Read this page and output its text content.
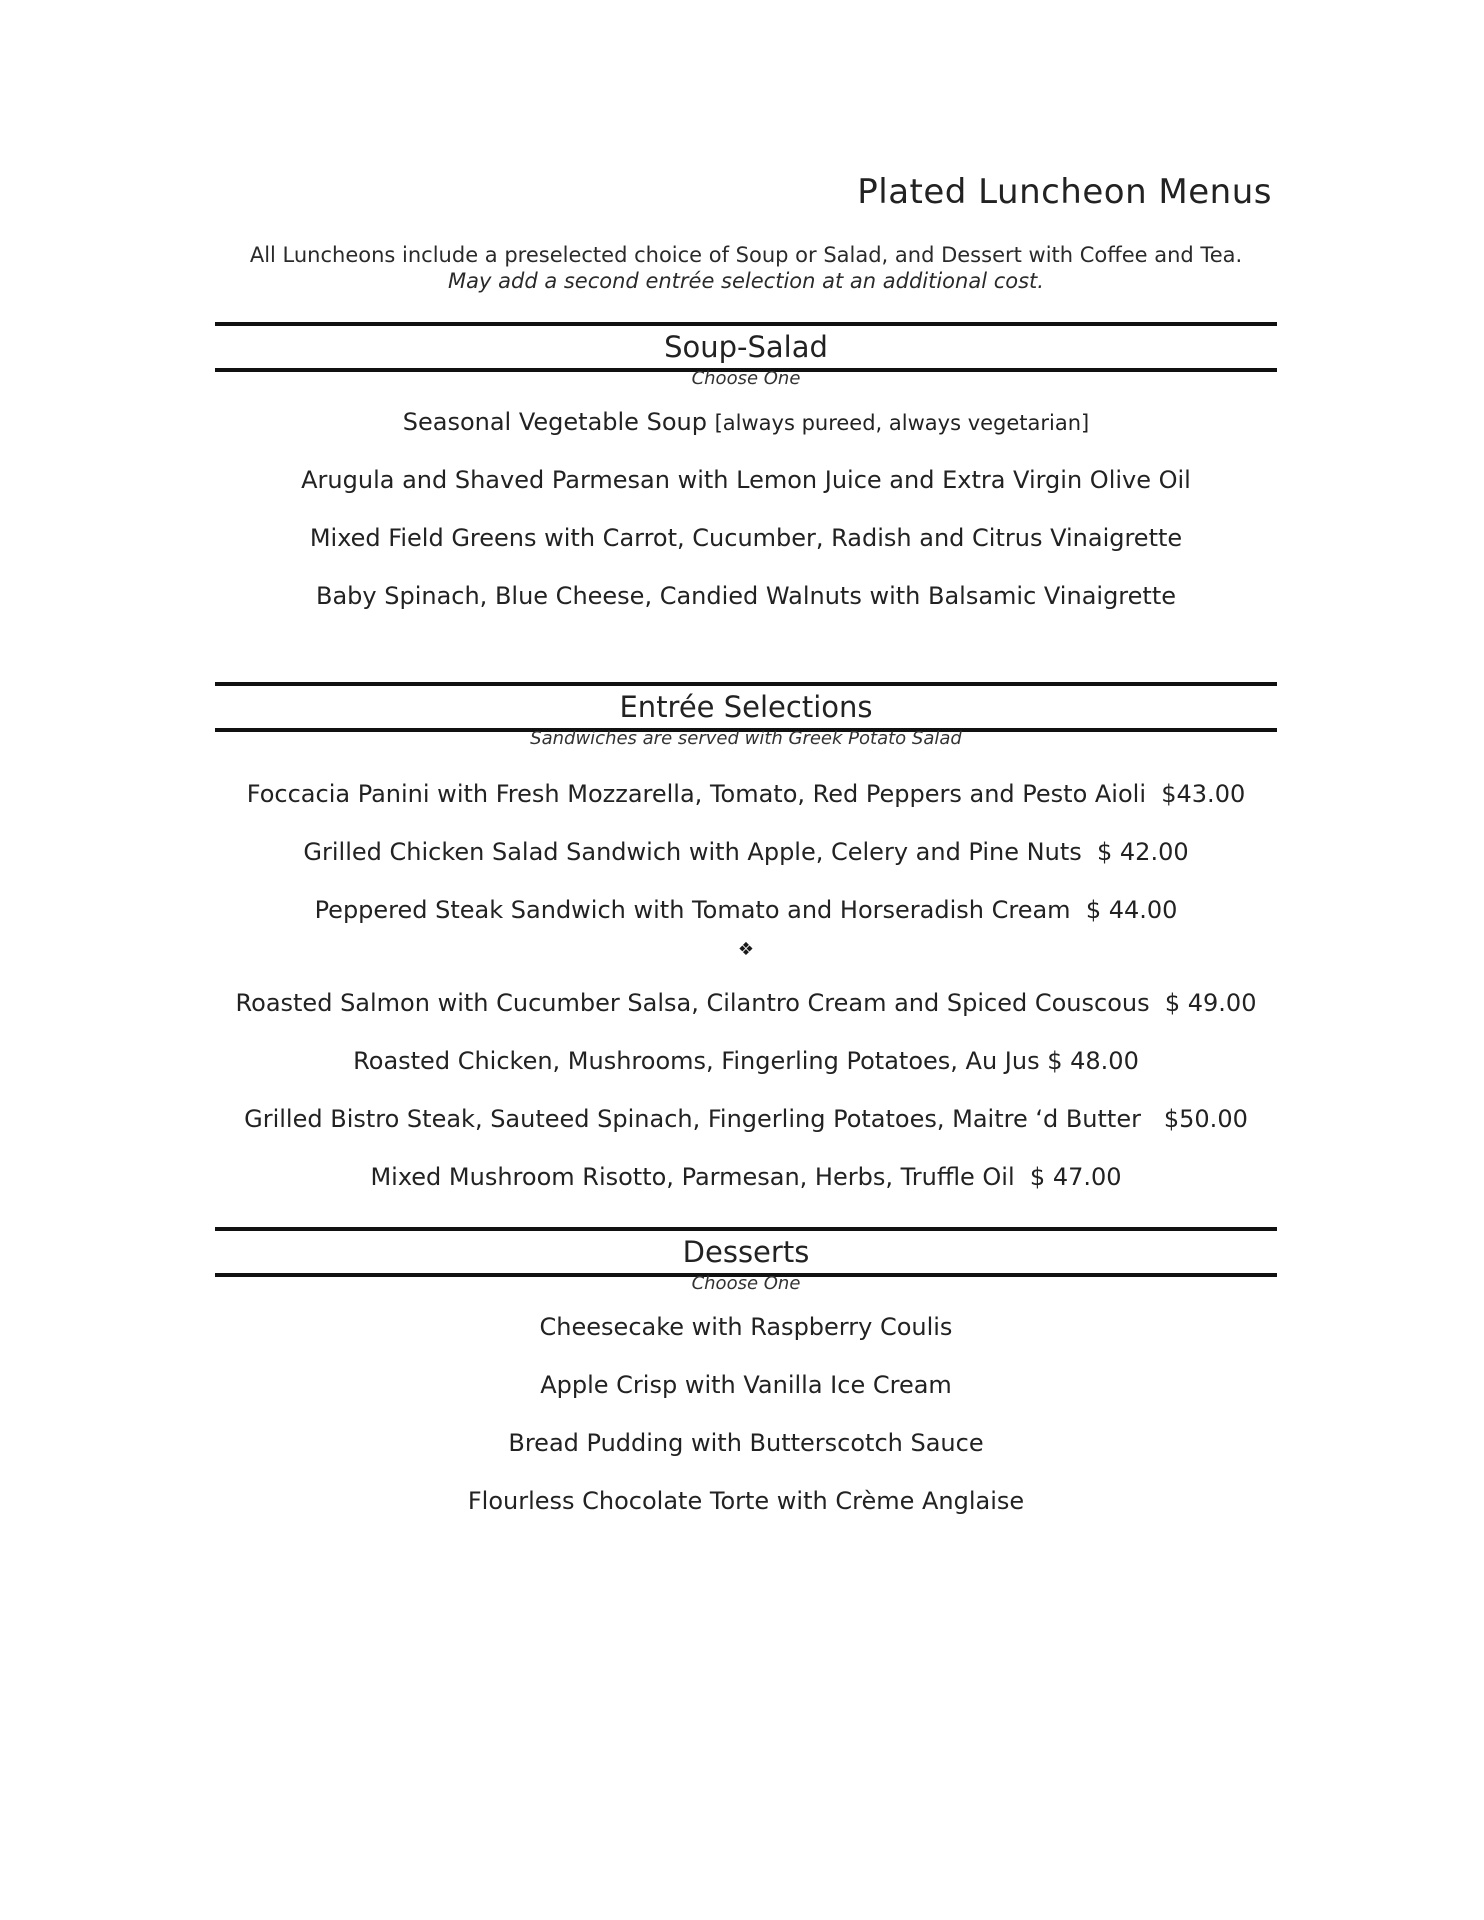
Plated Luncheon Menus
All Luncheons include a preselected choice of Soup or Salad, and Dessert with Coffee and Tea.
May add a second entrée selection at an additional cost.
Soup-Salad
Choose One
Seasonal Vegetable Soup [always pureed, always vegetarian]
Arugula and Shaved Parmesan with Lemon Juice and Extra Virgin Olive Oil
Mixed Field Greens with Carrot, Cucumber, Radish and Citrus Vinaigrette
Baby Spinach, Blue Cheese, Candied Walnuts with Balsamic Vinaigrette
Entrée Selections
Sandwiches are served with Greek Potato Salad
Foccacia Panini with Fresh Mozzarella, Tomato, Red Peppers and Pesto Aioli $43.00
Grilled Chicken Salad Sandwich with Apple, Celery and Pine Nuts $ 42.00
Peppered Steak Sandwich with Tomato and Horseradish Cream $ 44.00
❖
Roasted Salmon with Cucumber Salsa, Cilantro Cream and Spiced Couscous $ 49.00
Roasted Chicken, Mushrooms, Fingerling Potatoes, Au Jus $ 48.00
Grilled Bistro Steak, Sauteed Spinach, Fingerling Potatoes, Maitre ‘d Butter $50.00
Mixed Mushroom Risotto, Parmesan, Herbs, Truffle Oil $ 47.00
Desserts
Choose One
Cheesecake with Raspberry Coulis
Apple Crisp with Vanilla Ice Cream
Bread Pudding with Butterscotch Sauce
Flourless Chocolate Torte with Crème Anglaise
